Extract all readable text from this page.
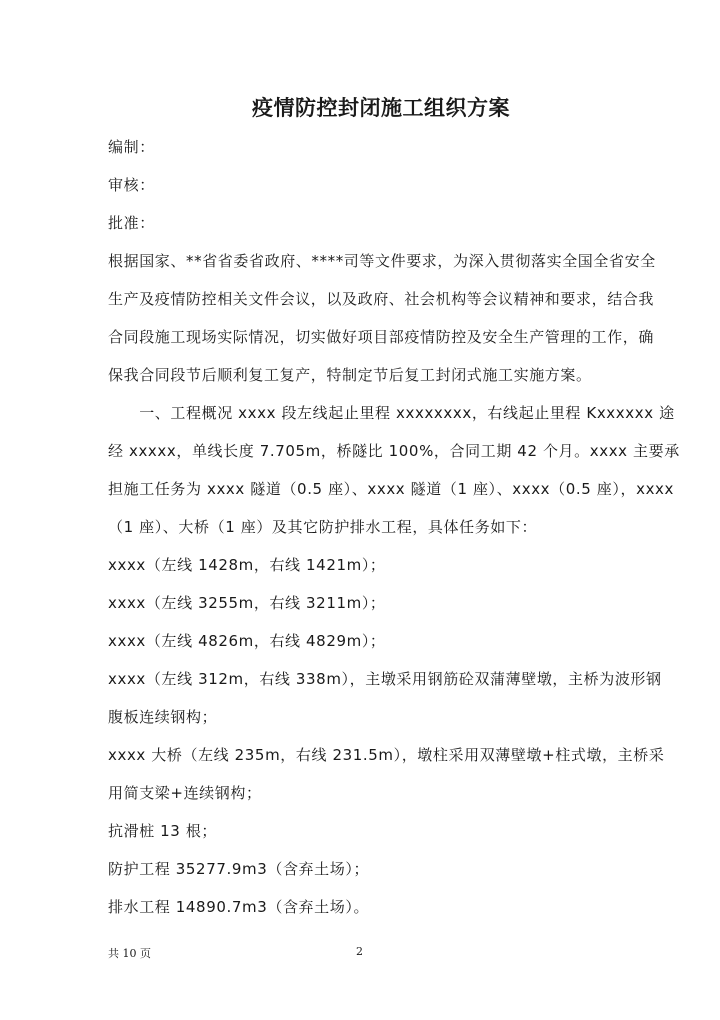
疫情防控封闭施工组织方案
编制：
审核：
批准：
根据国家、**省省委省政府、****司等文件要求，为深入贯彻落实全国全省安全
生产及疫情防控相关文件会议，以及政府、社会机构等会议精神和要求，结合我
合同段施工现场实际情况，切实做好项目部疫情防控及安全生产管理的工作，确
保我合同段节后顺利复工复产，特制定节后复工封闭式施工实施方案。
　　一、工程概况 xxxx 段左线起止里程 xxxxxxxx，右线起止里程 Kxxxxxx 途
经 xxxxx，单线长度 7.705m，桥隧比 100%，合同工期 42 个月。xxxx 主要承
担施工任务为 xxxx 隧道（0.5 座）、xxxx 隧道（1 座）、xxxx（0.5 座），xxxx
（1 座）、大桥（1 座）及其它防护排水工程，具体任务如下：
xxxx（左线 1428m，右线 1421m）；
xxxx（左线 3255m，右线 3211m）；
xxxx（左线 4826m，右线 4829m）；
xxxx（左线 312m，右线 338m），主墩采用钢筋砼双蒲薄壁墩，主桥为波形钢
腹板连续钢构；
xxxx 大桥（左线 235m，右线 231.5m），墩柱采用双薄壁墩+柱式墩，主桥采
用简支梁+连续钢构；
抗滑桩 13 根；
防护工程 35277.9m3（含弃土场）；
排水工程 14890.7m3（含弃土场）。
共 10 页	2
